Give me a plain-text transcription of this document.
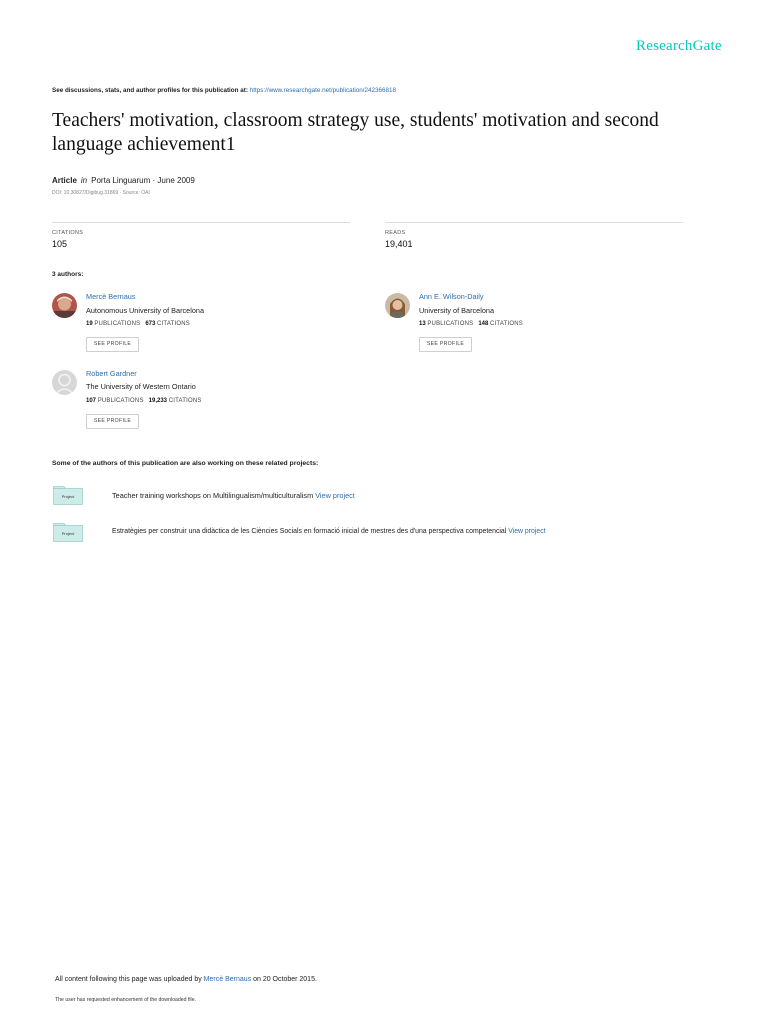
ResearchGate
See discussions, stats, and author profiles for this publication at: https://www.researchgate.net/publication/242366818
Teachers' motivation, classroom strategy use, students' motivation and second language achievement1
Article in Porta Linguarum · June 2009
DOI: 10.30827/Digibug.31869 · Source: OAI
CITATIONS
105
READS
19,401
3 authors:
Mercè Bernaus
Autonomous University of Barcelona
19 PUBLICATIONS 673 CITATIONS
SEE PROFILE
Ann E. Wilson-Daily
University of Barcelona
13 PUBLICATIONS 148 CITATIONS
SEE PROFILE
Robert Gardner
The University of Western Ontario
107 PUBLICATIONS 19,233 CITATIONS
SEE PROFILE
Some of the authors of this publication are also working on these related projects:
Project	Teacher training workshops on Multilingualism/multiculturalism View project
Project	Estratègies per construir una didàctica de les Ciències Socials en formació inicial de mestres des d'una perspectiva competencial View project
All content following this page was uploaded by Mercè Bernaus on 20 October 2015.
The user has requested enhancement of the downloaded file.
